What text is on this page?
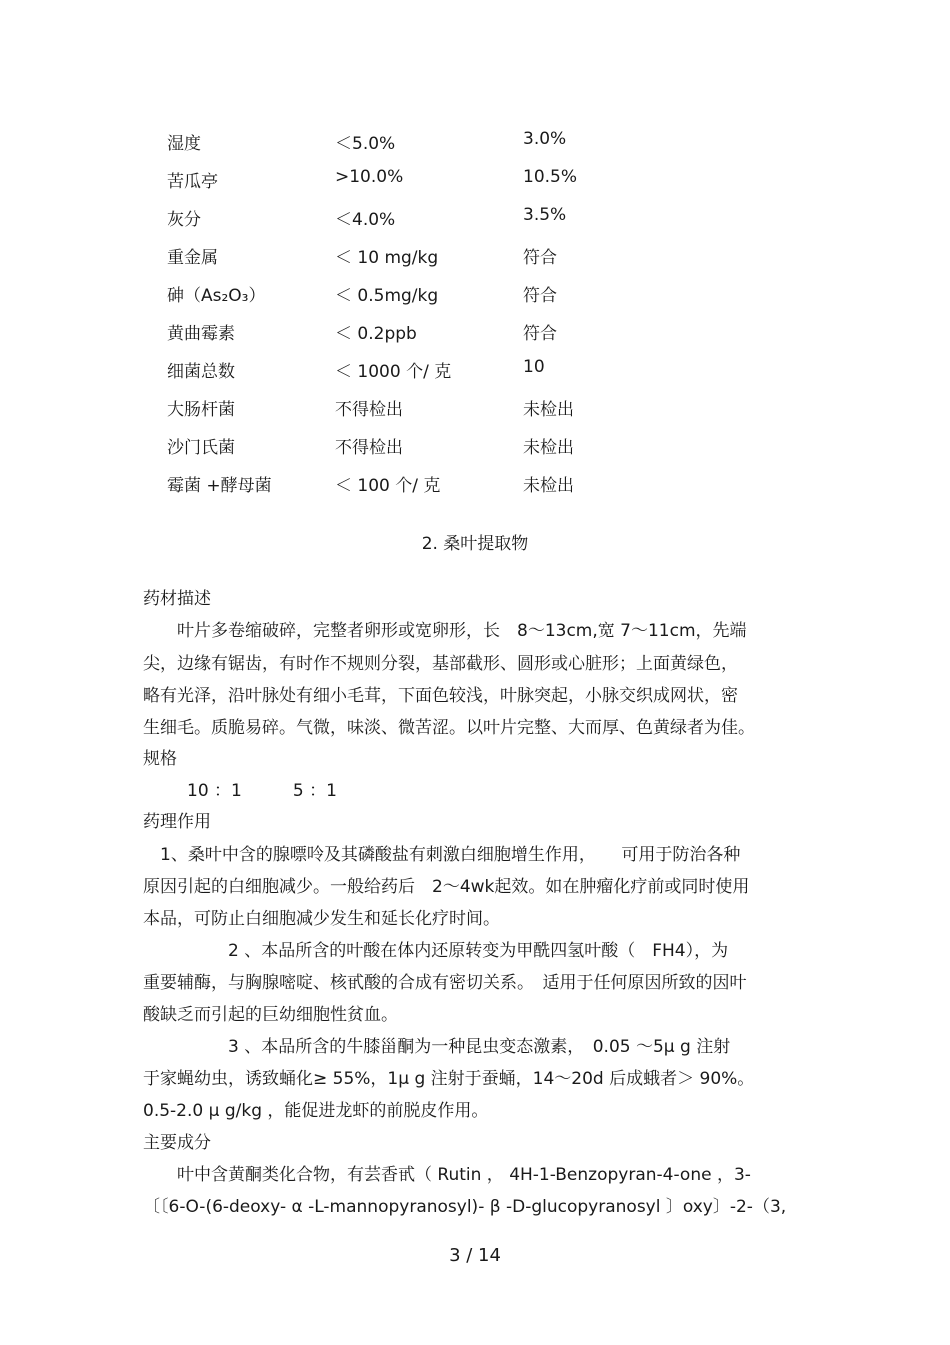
湿度	＜5.0%	3.0%
苦瓜亭	>10.0%	10.5%
灰分	＜4.0%	3.5%
重金属	＜ 10 mg/kg	符合
砷（As₂O₃）	＜ 0.5mg/kg	符合
黄曲霉素	＜ 0.2ppb	符合
细菌总数	＜ 1000 个/ 克	10
大肠杆菌	不得检出	未检出
沙门氏菌	不得检出	未检出
霉菌 +酵母菌	＜ 100 个/ 克	未检出
2. 桑叶提取物
药材描述
　　叶片多卷缩破碎，完整者卵形或宽卵形，长　8～13cm,宽 7～11cm，先端
尖，边缘有锯齿，有时作不规则分裂，基部截形、圆形或心脏形；上面黄绿色，
略有光泽，沿叶脉处有细小毛茸，下面色较浅，叶脉突起，小脉交织成网状，密
生细毛。质脆易碎。气微，味淡、微苦涩。以叶片完整、大而厚、色黄绿者为佳。
规格
10 ：1　　　5 ：1
药理作用
　1、桑叶中含的腺嘌呤及其磷酸盐有刺激白细胞增生作用，　　可用于防治各种
原因引起的白细胞减少。一般给药后　2～4wk起效。如在肿瘤化疗前或同时使用
本品，可防止白细胞减少发生和延长化疗时间。
　　　　　2 、本品所含的叶酸在体内还原转变为甲酰四氢叶酸（　FH4），为
重要辅酶，与胸腺嘧啶、核甙酸的合成有密切关系。　适用于任何原因所致的因叶
酸缺乏而引起的巨幼细胞性贫血。
　　　　　3 、本品所含的牛膝甾酮为一种昆虫变态激素，　0.05 ～5μ g 注射
于家蝇幼虫，诱致蛹化≥ 55%，1μ g 注射于蚕蛹，14～20d 后成蛾者＞ 90%。
0.5-2.0 μ g/kg ，能促进龙虾的前脱皮作用。
主要成分
　　叶中含黄酮类化合物，有芸香甙（ Rutin ， 4H-1-Benzopyran-4-one ，3-
〔〔6-O-(6-deoxy- α -L-mannopyranosyl)- β -D-glucopyranosyl 〕oxy〕-2-（3,
3 / 14
